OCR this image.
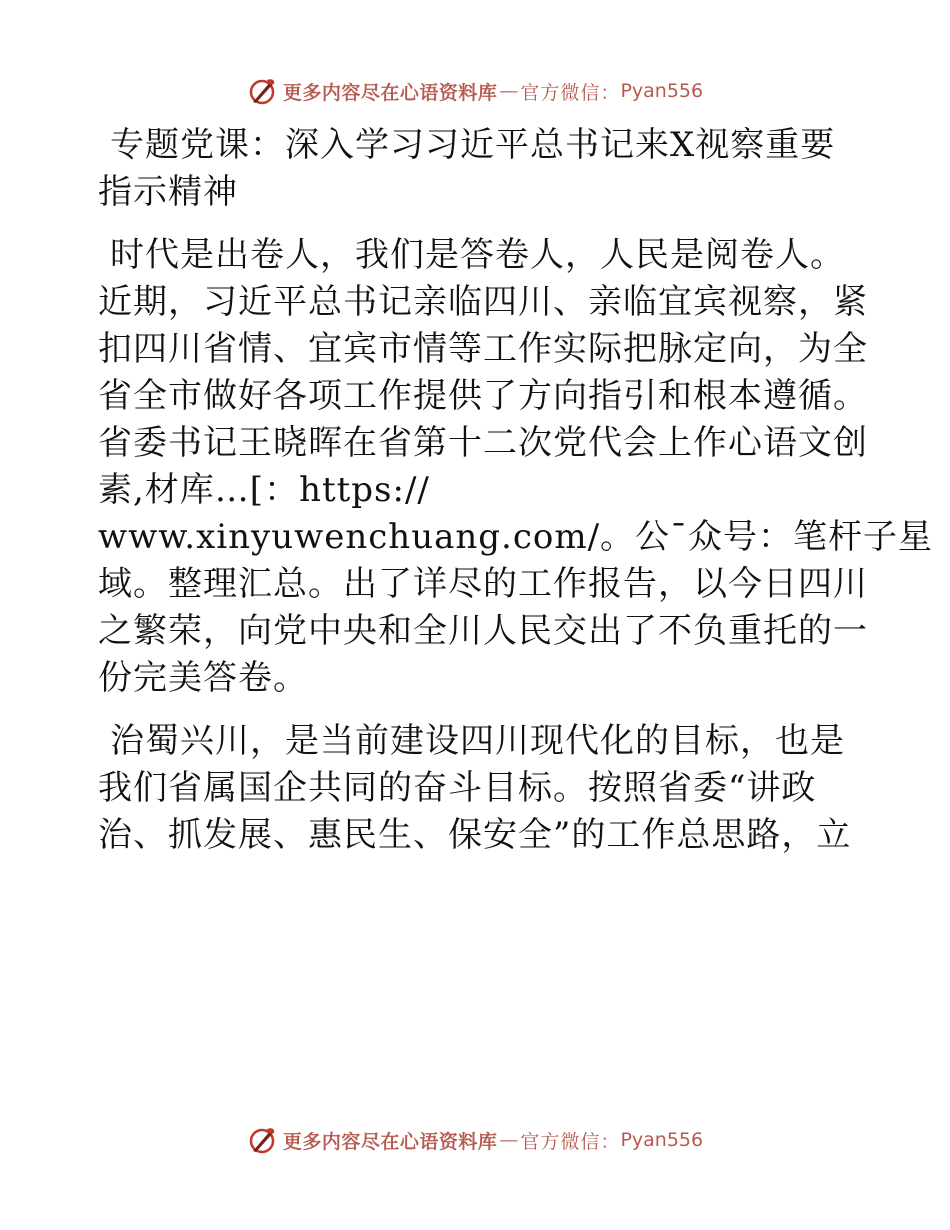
更多内容尽在心语资料库 — 官方微信： Pyan556
专题党课：深入学习习近平总书记来X视察重要
指示精神

时代是出卷人，我们是答卷人，人民是阅卷人。
近期，习近平总书记亲临四川、亲临宜宾视察，紧
扣四川省情、宜宾市情等工作实际把脉定向，为全
省全市做好各项工作提供了方向指引和根本遵循。
省委书记王晓晖在省第十二次党代会上作心语文创
素,材库…[：https://
www.xinyuwenchuang.com/。公¯众号：笔杆子星
域。整理汇总。出了详尽的工作报告，以今日四川
之繁荣，向党中央和全川人民交出了不负重托的一
份完美答卷。

治蜀兴川，是当前建设四川现代化的目标，也是
我们省属国企共同的奋斗目标。按照省委“讲政
治、抓发展、惠民生、保安全”的工作总思路，立

更多内容尽在心语资料库 — 官方微信： Pyan556
